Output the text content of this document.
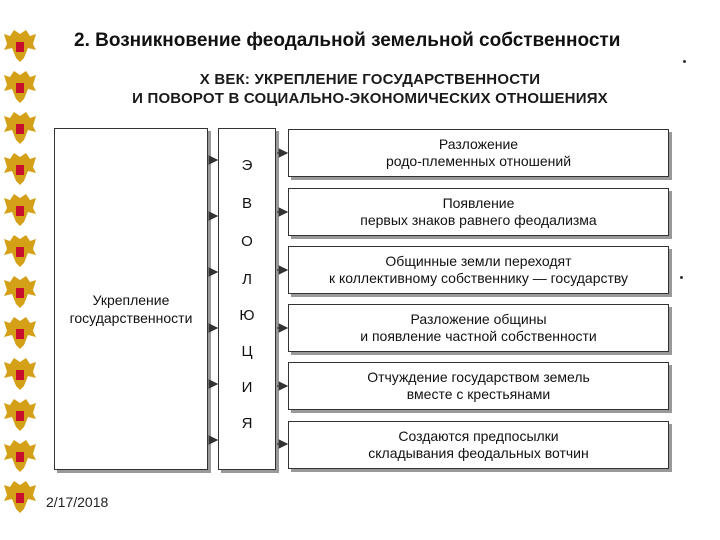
2. Возникновение феодальной земельной собственности
X ВЕК: УКРЕПЛЕНИЕ ГОСУДАРСТВЕННОСТИ
И ПОВОРОТ В СОЦИАЛЬНО-ЭКОНОМИЧЕСКИХ ОТНОШЕНИЯХ
Укрепление
государственности
Э
В
О
Л
Ю
Ц
И
Я
Разложение
родо-племенных отношений
Появление
первых знаков равнего феодализма
Общинные земли переходят
к коллективному собственнику — государству
Разложение общины
и появление частной собственности
Отчуждение государством земель
вместе с крестьянами
Создаются предпосылки
складывания феодальных вотчин
2/17/2018
